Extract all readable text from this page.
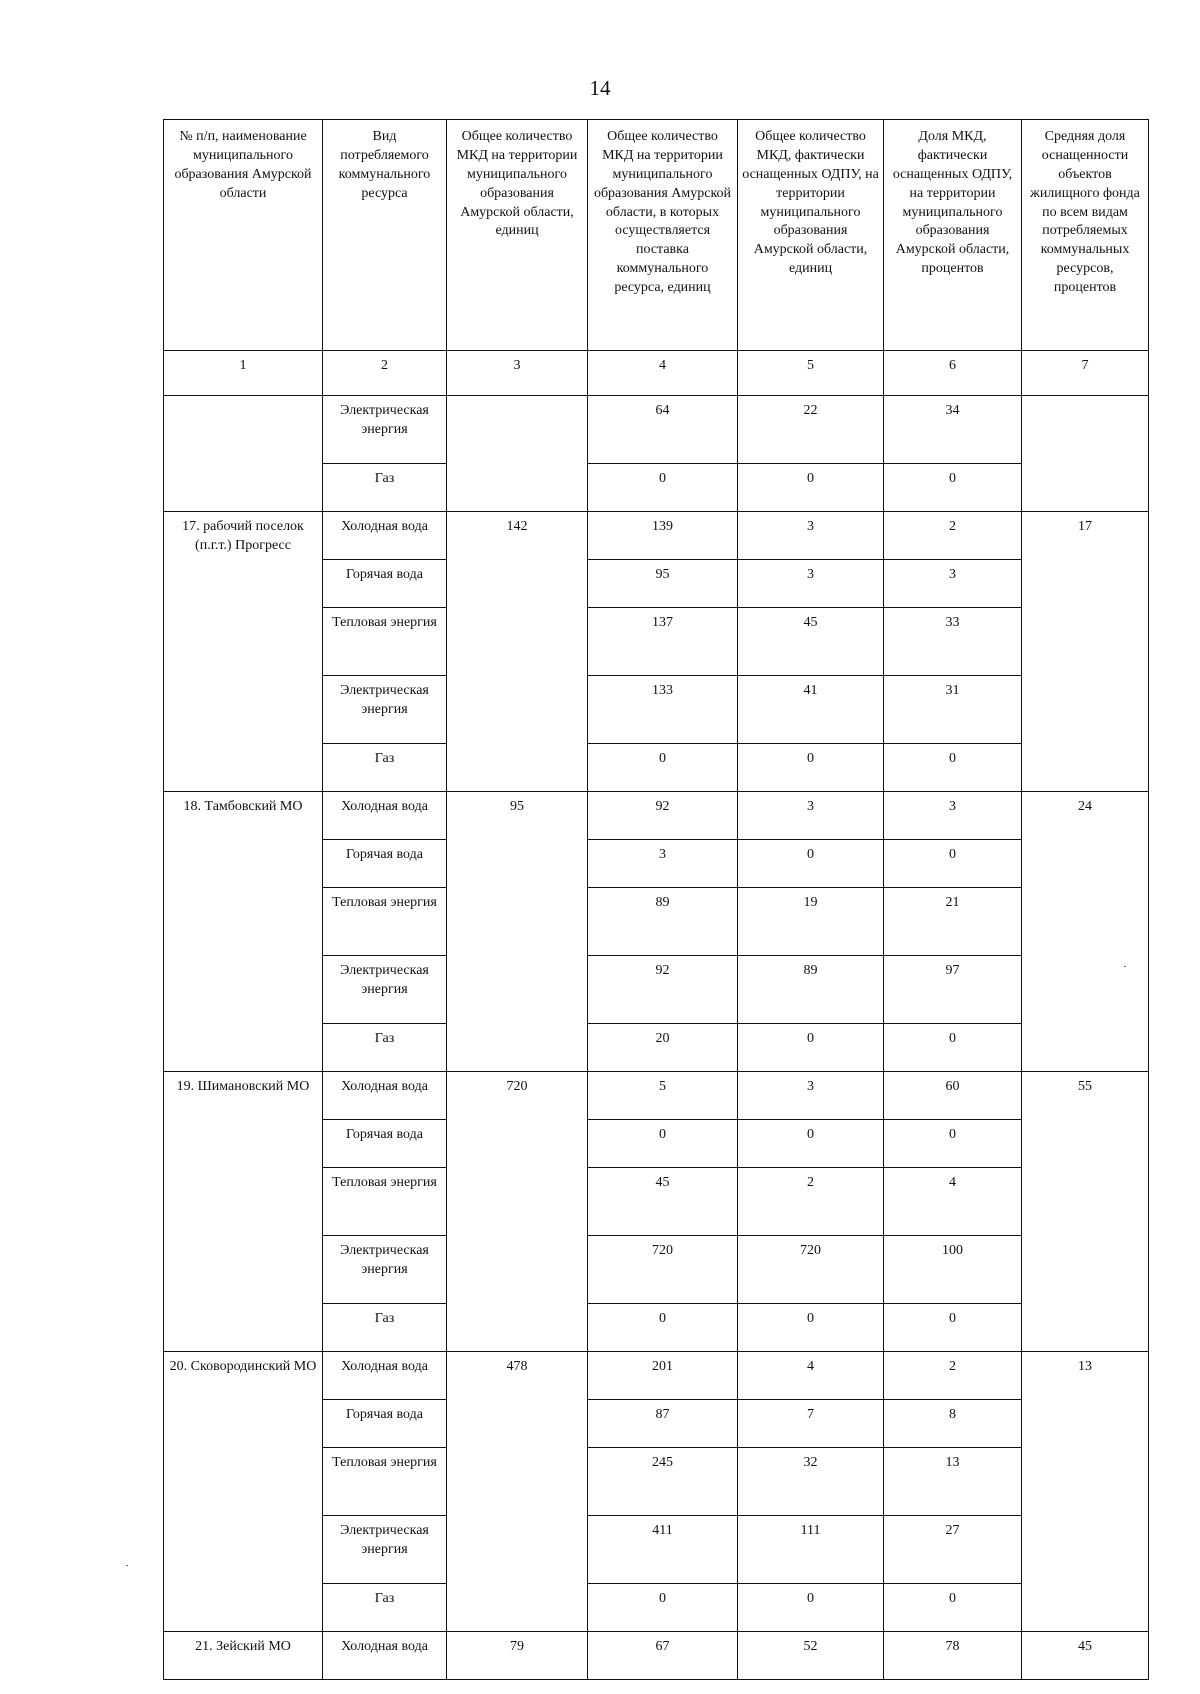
14
№ п/п, наименование муниципального образования Амурской области	Вид потребляемого коммунального ресурса	Общее количество МКД на территории муниципального образования Амурской области, единиц	Общее количество МКД на территории муниципального образования Амурской области, в которых осуществляется поставка коммунального ресурса, единиц	Общее количество МКД, фактически оснащенных ОДПУ, на территории муниципального образования Амурской области, единиц	Доля МКД, фактически оснащенных ОДПУ, на территории муниципального образования Амурской области, процентов	Средняя доля оснащенности объектов жилищного фонда по всем видам потребляемых коммунальных ресурсов, процентов
1	2	3	4	5	6	7
	Электрическая энергия		64	22	34	
	Газ		0	0	0	
17. рабочий поселок (п.г.т.) Прогресс	Холодная вода	142	139	3	2	17
	Горячая вода		95	3	3	
	Тепловая энергия		137	45	33	
	Электрическая энергия		133	41	31	
	Газ		0	0	0	
18. Тамбовский МО	Холодная вода	95	92	3	3	24
	Горячая вода		3	0	0	
	Тепловая энергия		89	19	21	
	Электрическая энергия		92	89	97	
	Газ		20	0	0	
19. Шимановский МО	Холодная вода	720	5	3	60	55
	Горячая вода		0	0	0	
	Тепловая энергия		45	2	4	
	Электрическая энергия		720	720	100	
	Газ		0	0	0	
20. Сковородинский МО	Холодная вода	478	201	4	2	13
	Горячая вода		87	7	8	
	Тепловая энергия		245	32	13	
	Электрическая энергия		411	111	27	
	Газ		0	0	0	
21. Зейский МО	Холодная вода	79	67	52	78	45
